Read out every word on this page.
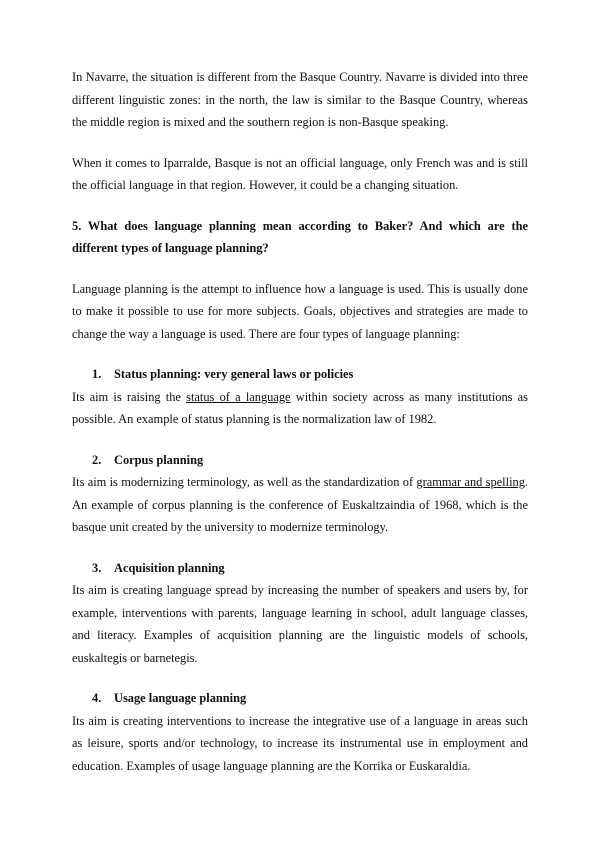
In Navarre, the situation is different from the Basque Country. Navarre is divided into three different linguistic zones: in the north, the law is similar to the Basque Country, whereas the middle region is mixed and the southern region is non-Basque speaking.

When it comes to Iparralde, Basque is not an official language, only French was and is still the official language in that region. However, it could be a changing situation.

5. What does language planning mean according to Baker? And which are the different types of language planning?

Language planning is the attempt to influence how a language is used. This is usually done to make it possible to use for more subjects. Goals, objectives and strategies are made to change the way a language is used. There are four types of language planning:

1.	Status planning: very general laws or policies

Its aim is raising the status of a language within society across as many institutions as possible. An example of status planning is the normalization law of 1982.

2.	Corpus planning

Its aim is modernizing terminology, as well as the standardization of grammar and spelling. An example of corpus planning is the conference of Euskaltzaindia of 1968, which is the basque unit created by the university to modernize terminology.

3.	Acquisition planning

Its aim is creating language spread by increasing the number of speakers and users by, for example, interventions with parents, language learning in school, adult language classes, and literacy. Examples of acquisition planning are the linguistic models of schools, euskaltegis or barnetegis.

4.	Usage language planning

Its aim is creating interventions to increase the integrative use of a language in areas such as leisure, sports and/or technology, to increase its instrumental use in employment and education. Examples of usage language planning are the Korrika or Euskaraldia.
